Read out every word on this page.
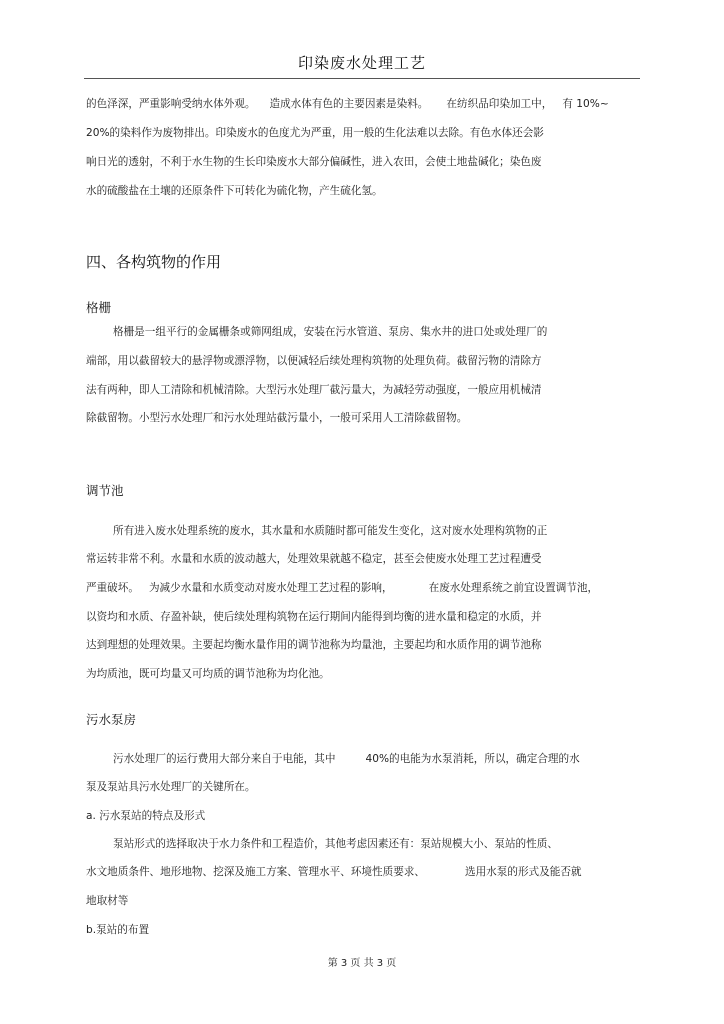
印染废水处理工艺
的色泽深，严重影响受纳水体外观。 造成水体有色的主要因素是染料。 在纺织品印染加工中， 有 10%~
20%的染料作为废物排出。印染废水的色度尤为严重，用一般的生化法难以去除。有色水体还会影
响日光的透射，不利于水生物的生长印染废水大部分偏碱性，进入农田，会使土地盐碱化；染色废
水的硫酸盐在土壤的还原条件下可转化为硫化物，产生硫化氢。
四、各构筑物的作用
格栅
格栅是一组平行的金属栅条或筛网组成，安装在污水管道、泵房、集水井的进口处或处理厂的
端部，用以截留较大的悬浮物或漂浮物，以便减轻后续处理构筑物的处理负荷。截留污物的清除方
法有两种，即人工清除和机械清除。大型污水处理厂截污量大，为减轻劳动强度，一般应用机械清
除截留物。小型污水处理厂和污水处理站截污量小，一般可采用人工清除截留物。
调节池
所有进入废水处理系统的废水，其水量和水质随时都可能发生变化，这对废水处理构筑物的正
常运转非常不利。水量和水质的波动越大，处理效果就越不稳定，甚至会使废水处理工艺过程遭受
严重破坏。 为减少水量和水质变动对废水处理工艺过程的影响，	在废水处理系统之前宜设置调节池，
以资均和水质、存盈补缺，使后续处理构筑物在运行期间内能得到均衡的进水量和稳定的水质，并
达到理想的处理效果。主要起均衡水量作用的调节池称为均量池，主要起均和水质作用的调节池称
为均质池，既可均量又可均质的调节池称为均化池。
污水泵房
污水处理厂的运行费用大部分来自于电能，其中	40%的电能为水泵消耗，所以，确定合理的水
泵及泵站具污水处理厂的关键所在。
a. 污水泵站的特点及形式
泵站形式的选择取决于水力条件和工程造价，其他考虑因素还有：泵站规模大小、泵站的性质、
水文地质条件、地形地物、挖深及施工方案、管理水平、环境性质要求、	选用水泵的形式及能否就
地取材等
b.泵站的布置
第 3 页 共 3 页
